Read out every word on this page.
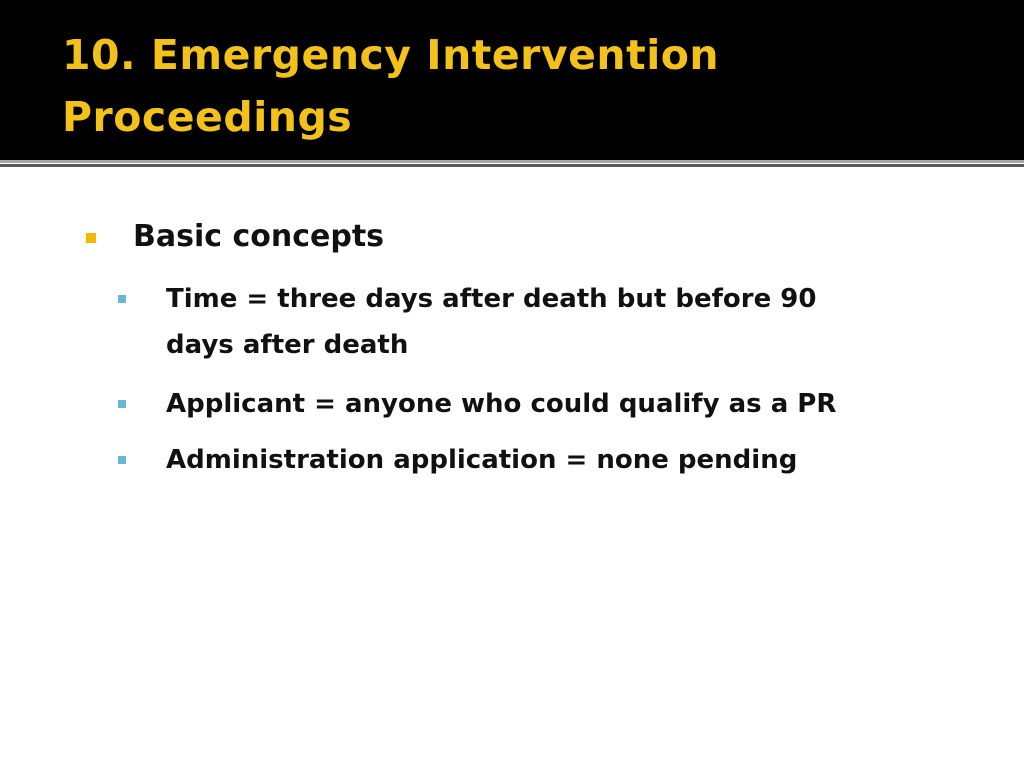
10. Emergency Intervention
Proceedings
Basic concepts
Time = three days after death but before 90
days after death
Applicant = anyone who could qualify as a PR
Administration application = none pending
